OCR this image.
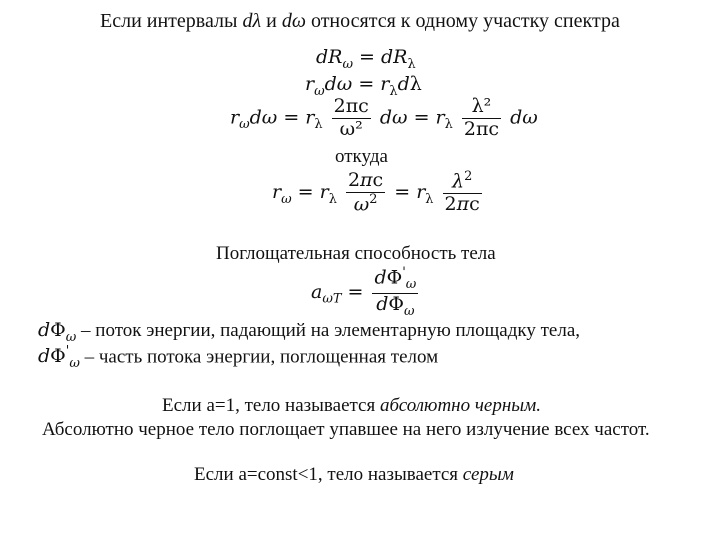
Если интервалы dλ и dω относятся к одному участку спектра
$dR_\omega = dR_\lambda$
$r_\omega d\omega = r_\lambda d\lambda$
$r_\omega d\omega = r_\lambda \frac{2\pi c}{\text{ω²}}$ $d\omega = r_\lambda \frac{\text{λ²}}{2\pi c}$ dω
откуда
$r_\omega = r_\lambda \frac{2\pi c}{\omega^2} = r_\lambda \frac{\lambda^2}{2\pi c}$
Поглощательная способность тела
$a_{\omega T} = \frac{d\Phi'_\omega}{d\Phi_\omega}$
$d\Phi_\omega$ – поток энергии, падающий на элементарную площадку тела,
$d\Phi'_\omega$ – часть потока энергии, поглощенная телом
Если a=1, тело называется абсолютно черным.
Абсолютно черное тело поглощает упавшее на него излучение всех частот.
Если a=const<1, тело называется серым
